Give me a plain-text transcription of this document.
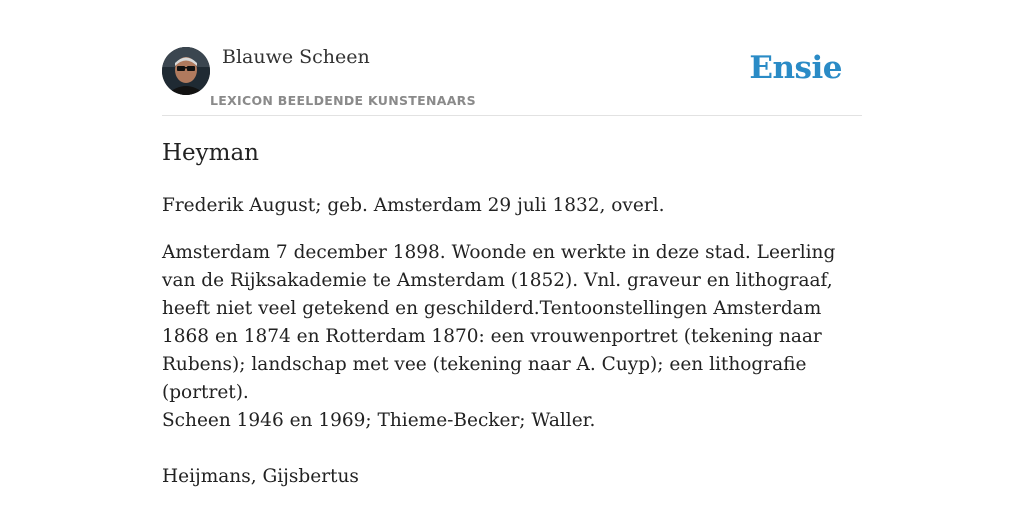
Blauwe Scheen
LEXICON BEELDENDE KUNSTENAARS
Ensie
Heyman

Frederik August; geb. Amsterdam 29 juli 1832, overl.

Amsterdam 7 december 1898. Woonde en werkte in deze stad. Leerling van de Rijksakademie te Amsterdam (1852). Vnl. graveur en lithograaf, heeft niet veel getekend en geschilderd.Tentoonstellingen Amsterdam 1868 en 1874 en Rotterdam 1870: een vrouwenportret (tekening naar Rubens); landschap met vee (tekening naar A. Cuyp); een lithografie (portret).

Scheen 1946 en 1969; Thieme-Becker; Waller.

Heijmans, Gijsbertus
